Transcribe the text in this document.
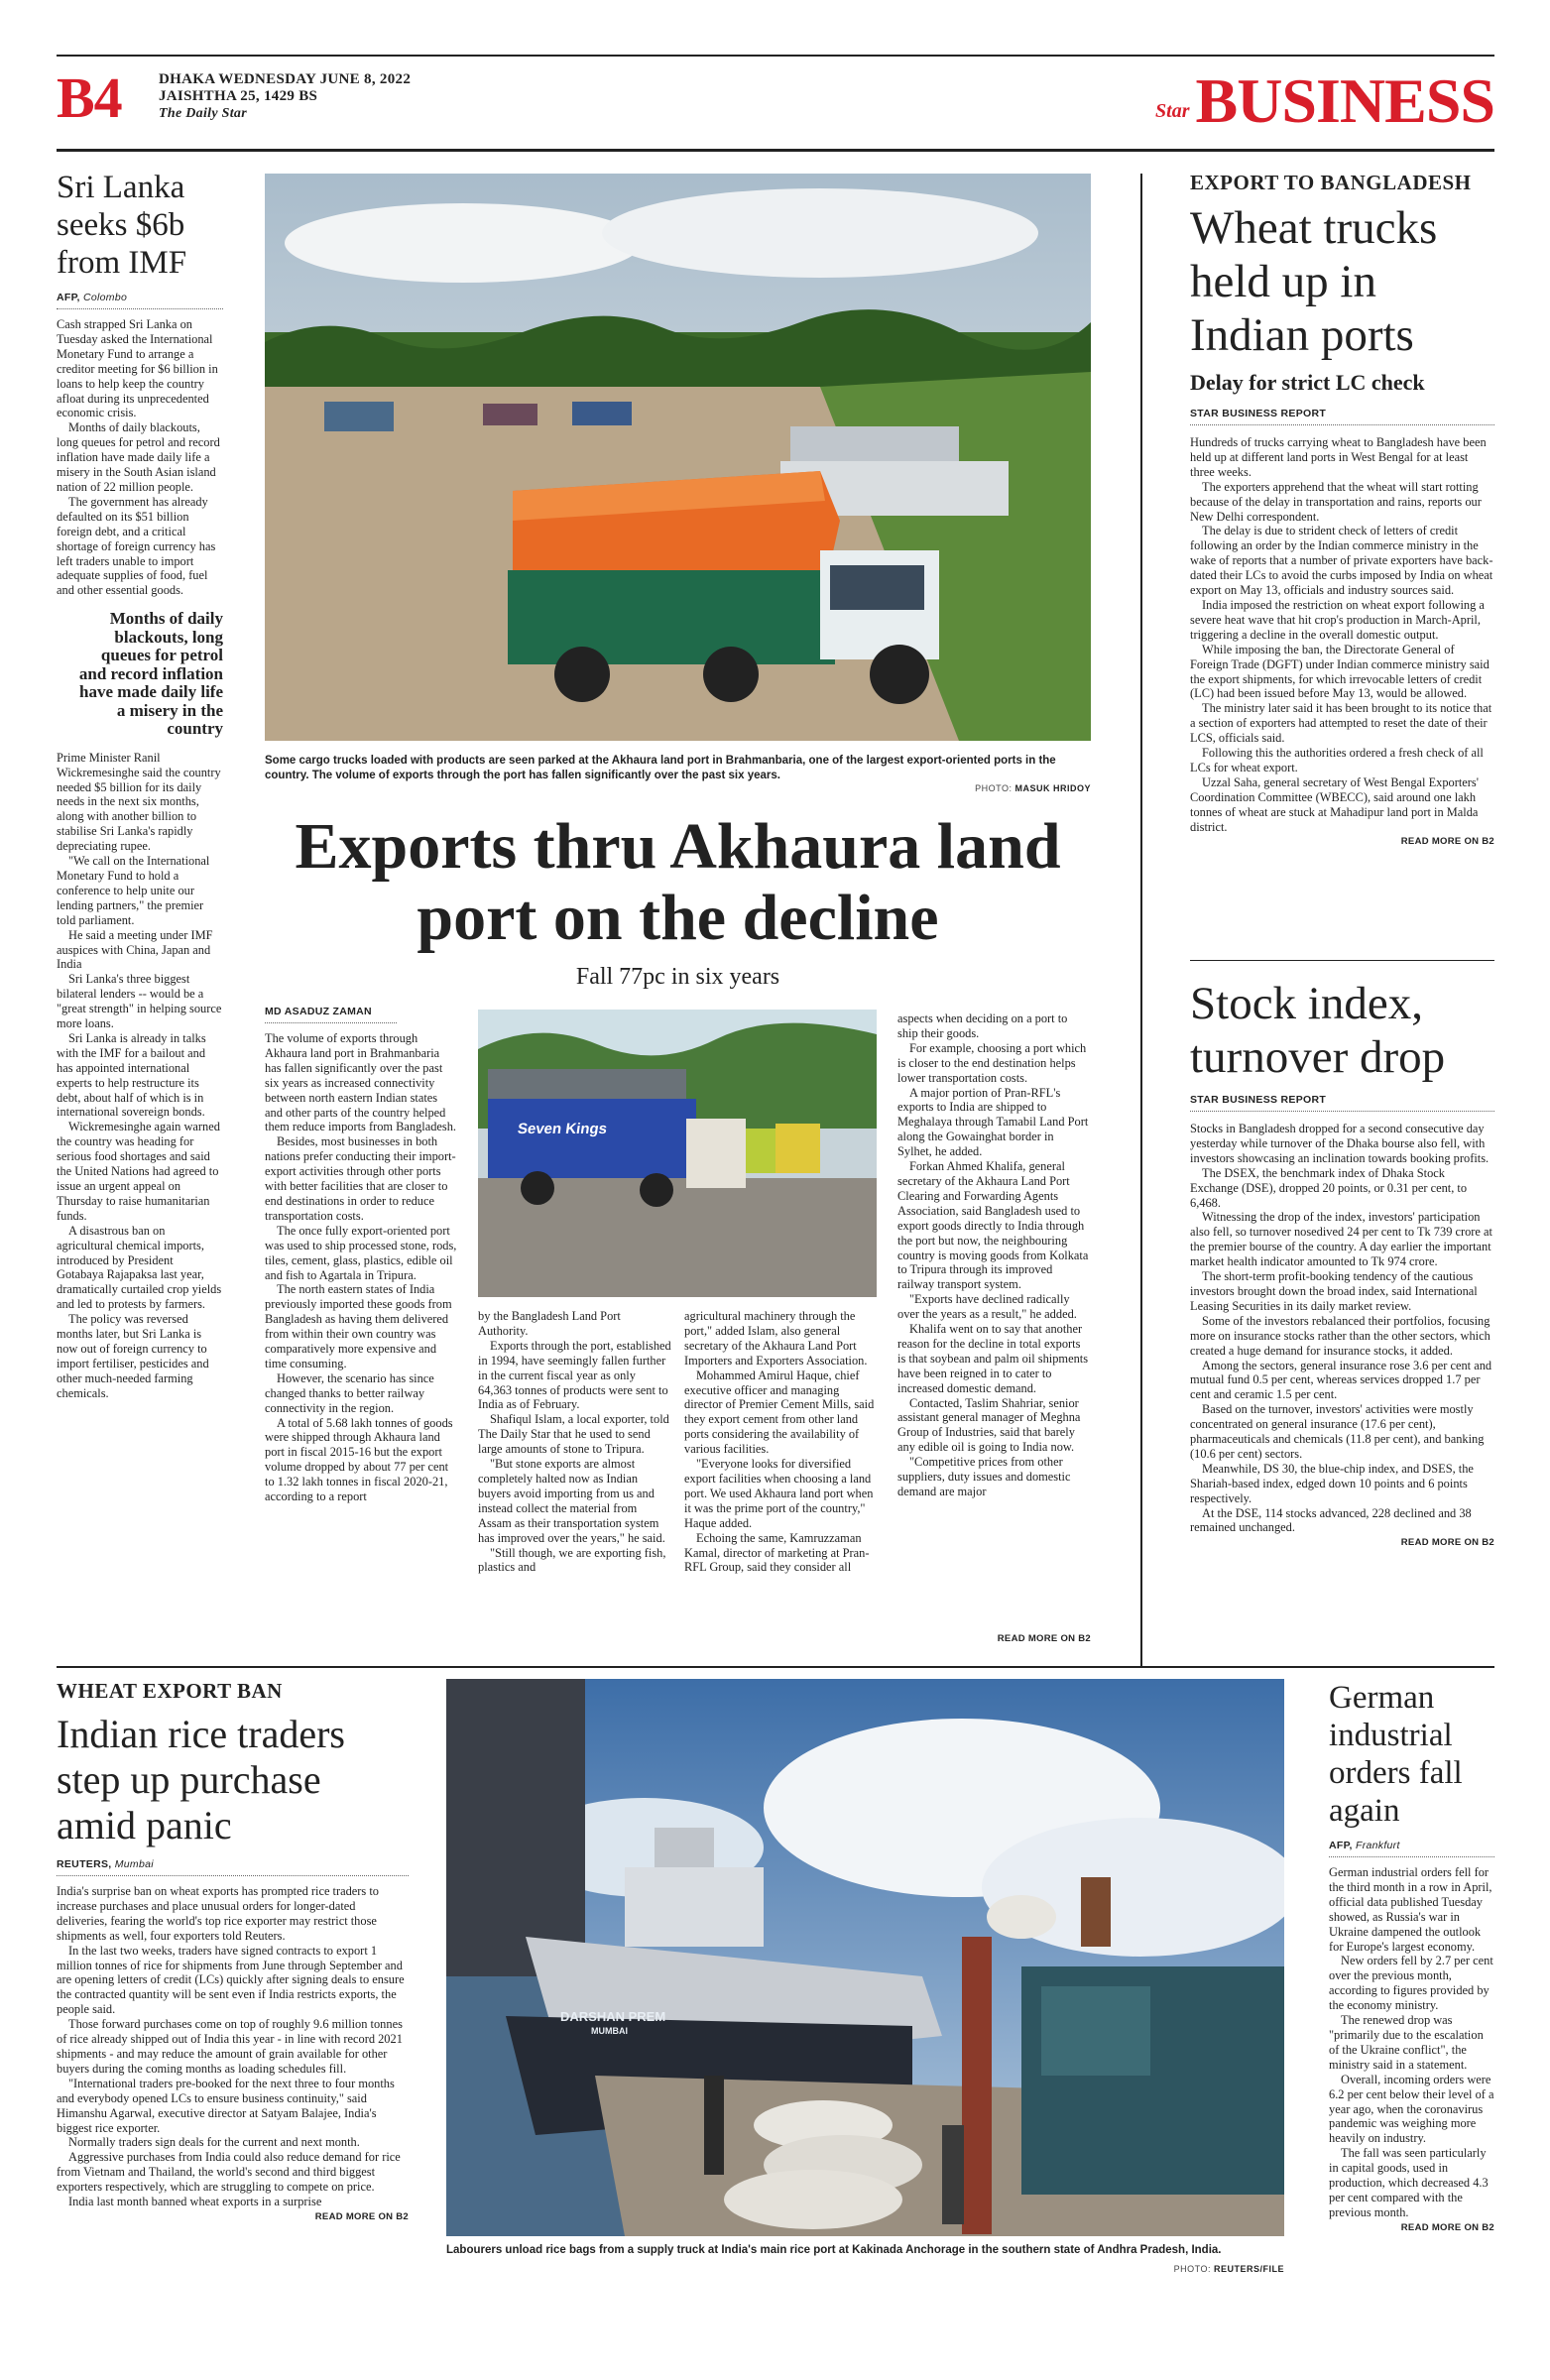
B4 DHAKA WEDNESDAY JUNE 8, 2022
JAISHTHA 25, 1429 BS
The Daily Star	Star BUSINESS
Sri Lanka seeks $6b from IMF
AFP, Colombo

Cash strapped Sri Lanka on Tuesday asked the International Monetary Fund to arrange a creditor meeting for $6 billion in loans to help keep the country afloat during its unprecedented economic crisis.

Months of daily blackouts, long queues for petrol and record inflation have made daily life a misery in the South Asian island nation of 22 million people.

The government has already defaulted on its $51 billion foreign debt, and a critical shortage of foreign currency has left traders unable to import adequate supplies of food, fuel and other essential goods.

Months of daily blackouts, long queues for petrol and record inflation have made daily life a misery in the country

Prime Minister Ranil Wickremesinghe said the country needed $5 billion for its daily needs in the next six months, along with another billion to stabilise Sri Lanka's rapidly depreciating rupee.

"We call on the International Monetary Fund to hold a conference to help unite our lending partners," the premier told parliament.

He said a meeting under IMF auspices with China, Japan and India

Sri Lanka's three biggest bilateral lenders -- would be a "great strength" in helping source more loans.

Sri Lanka is already in talks with the IMF for a bailout and has appointed international experts to help restructure its debt, about half of which is in international sovereign bonds.

Wickremesinghe again warned the country was heading for serious food shortages and said the United Nations had agreed to issue an urgent appeal on Thursday to raise humanitarian funds.

A disastrous ban on agricultural chemical imports, introduced by President Gotabaya Rajapaksa last year, dramatically curtailed crop yields and led to protests by farmers.

The policy was reversed months later, but Sri Lanka is now out of foreign currency to import fertiliser, pesticides and other much-needed farming chemicals.

Some cargo trucks loaded with products are seen parked at the Akhaura land port in Brahmanbaria, one of the largest export-oriented ports in the country. The volume of exports through the port has fallen significantly over the past six years.
PHOTO: MASUK HRIDOY
Exports thru Akhaura land port on the decline
Fall 77pc in six years
MD ASADUZ ZAMAN

The volume of exports through Akhaura land port in Brahmanbaria has fallen significantly over the past six years as increased connectivity between north eastern Indian states and other parts of the country helped them reduce imports from Bangladesh.

Besides, most businesses in both nations prefer conducting their import-export activities through other ports with better facilities that are closer to end destinations in order to reduce transportation costs.

The once fully export-oriented port was used to ship processed stone, rods, tiles, cement, glass, plastics, edible oil and fish to Agartala in Tripura.

The north eastern states of India previously imported these goods from Bangladesh as having them delivered from within their own country was comparatively more expensive and time consuming.

However, the scenario has since changed thanks to better railway connectivity in the region.

A total of 5.68 lakh tonnes of goods were shipped through Akhaura land port in fiscal 2015-16 but the export volume dropped by about 77 per cent to 1.32 lakh tonnes in fiscal 2020-21, according to a report

Seven Kings

by the Bangladesh Land Port Authority.

Exports through the port, established in 1994, have seemingly fallen further in the current fiscal year as only 64,363 tonnes of products were sent to India as of February.

Shafiqul Islam, a local exporter, told The Daily Star that he used to send large amounts of stone to Tripura.

"But stone exports are almost completely halted now as Indian buyers avoid importing from us and instead collect the material from Assam as their transportation system has improved over the years," he said.

"Still though, we are exporting fish, plastics and

agricultural machinery through the port," added Islam, also general secretary of the Akhaura Land Port Importers and Exporters Association.

Mohammed Amirul Haque, chief executive officer and managing director of Premier Cement Mills, said they export cement from other land ports considering the availability of various facilities.

"Everyone looks for diversified export facilities when choosing a land port. We used Akhaura land port when it was the prime port of the country," Haque added.

Echoing the same, Kamruzzaman Kamal, director of marketing at Pran-RFL Group, said they consider all

aspects when deciding on a port to ship their goods.

For example, choosing a port which is closer to the end destination helps lower transportation costs.

A major portion of Pran-RFL's exports to India are shipped to Meghalaya through Tamabil Land Port along the Gowainghat border in Sylhet, he added.

Forkan Ahmed Khalifa, general secretary of the Akhaura Land Port Clearing and Forwarding Agents Association, said Bangladesh used to export goods directly to India through the port but now, the neighbouring country is moving goods from Kolkata to Tripura through its improved railway transport system.

"Exports have declined radically over the years as a result," he added.

Khalifa went on to say that another reason for the decline in total exports is that soybean and palm oil shipments have been reigned in to cater to increased domestic demand.

Contacted, Taslim Shahriar, senior assistant general manager of Meghna Group of Industries, said that barely any edible oil is going to India now.

"Competitive prices from other suppliers, duty issues and domestic demand are major

READ MORE ON B2
EXPORT TO BANGLADESH
Wheat trucks held up in Indian ports
Delay for strict LC check
STAR BUSINESS REPORT

Hundreds of trucks carrying wheat to Bangladesh have been held up at different land ports in West Bengal for at least three weeks.

The exporters apprehend that the wheat will start rotting because of the delay in transportation and rains, reports our New Delhi correspondent.

The delay is due to strident check of letters of credit following an order by the Indian commerce ministry in the wake of reports that a number of private exporters have back-dated their LCs to avoid the curbs imposed by India on wheat export on May 13, officials and industry sources said.

India imposed the restriction on wheat export following a severe heat wave that hit crop's production in March-April, triggering a decline in the overall domestic output.

While imposing the ban, the Directorate General of Foreign Trade (DGFT) under Indian commerce ministry said the export shipments, for which irrevocable letters of credit (LC) had been issued before May 13, would be allowed.

The ministry later said it has been brought to its notice that a section of exporters had attempted to reset the date of their LCS, officials said.

Following this the authorities ordered a fresh check of all LCs for wheat export.

Uzzal Saha, general secretary of West Bengal Exporters' Coordination Committee (WBECC), said around one lakh tonnes of wheat are stuck at Mahadipur land port in Malda district.

READ MORE ON B2
Stock index, turnover drop
STAR BUSINESS REPORT

Stocks in Bangladesh dropped for a second consecutive day yesterday while turnover of the Dhaka bourse also fell, with investors showcasing an inclination towards booking profits.

The DSEX, the benchmark index of Dhaka Stock Exchange (DSE), dropped 20 points, or 0.31 per cent, to 6,468.

Witnessing the drop of the index, investors' participation also fell, so turnover nosedived 24 per cent to Tk 739 crore at the premier bourse of the country. A day earlier the important market health indicator amounted to Tk 974 crore.

The short-term profit-booking tendency of the cautious investors brought down the broad index, said International Leasing Securities in its daily market review.

Some of the investors rebalanced their portfolios, focusing more on insurance stocks rather than the other sectors, which created a huge demand for insurance stocks, it added.

Among the sectors, general insurance rose 3.6 per cent and mutual fund 0.5 per cent, whereas services dropped 1.7 per cent and ceramic 1.5 per cent.

Based on the turnover, investors' activities were mostly concentrated on general insurance (17.6 per cent), pharmaceuticals and chemicals (11.8 per cent), and banking (10.6 per cent) sectors.

Meanwhile, DS 30, the blue-chip index, and DSES, the Shariah-based index, edged down 10 points and 6 points respectively.

At the DSE, 114 stocks advanced, 228 declined and 38 remained unchanged.

READ MORE ON B2
WHEAT EXPORT BAN
Indian rice traders step up purchase amid panic
REUTERS, Mumbai

India's surprise ban on wheat exports has prompted rice traders to increase purchases and place unusual orders for longer-dated deliveries, fearing the world's top rice exporter may restrict those shipments as well, four exporters told Reuters.

In the last two weeks, traders have signed contracts to export 1 million tonnes of rice for shipments from June through September and are opening letters of credit (LCs) quickly after signing deals to ensure the contracted quantity will be sent even if India restricts exports, the people said.

Those forward purchases come on top of roughly 9.6 million tonnes of rice already shipped out of India this year - in line with record 2021 shipments - and may reduce the amount of grain available for other buyers during the coming months as loading schedules fill.

"International traders pre-booked for the next three to four months and everybody opened LCs to ensure business continuity," said Himanshu Agarwal, executive director at Satyam Balajee, India's biggest rice exporter.

Normally traders sign deals for the current and next month.

Aggressive purchases from India could also reduce demand for rice from Vietnam and Thailand, the world's second and third biggest exporters respectively, which are struggling to compete on price.

India last month banned wheat exports in a surprise

READ MORE ON B2
DARSHAN PREM
MUMBAI
Labourers unload rice bags from a supply truck at India's main rice port at Kakinada Anchorage in the southern state of Andhra Pradesh, India.
PHOTO: REUTERS/FILE
German industrial orders fall again
AFP, Frankfurt

German industrial orders fell for the third month in a row in April, official data published Tuesday showed, as Russia's war in Ukraine dampened the outlook for Europe's largest economy.

New orders fell by 2.7 per cent over the previous month, according to figures provided by the economy ministry.

The renewed drop was "primarily due to the escalation of the Ukraine conflict", the ministry said in a statement.

Overall, incoming orders were 6.2 per cent below their level of a year ago, when the coronavirus pandemic was weighing more heavily on industry.

The fall was seen particularly in capital goods, used in production, which decreased 4.3 per cent compared with the previous month.

READ MORE ON B2
